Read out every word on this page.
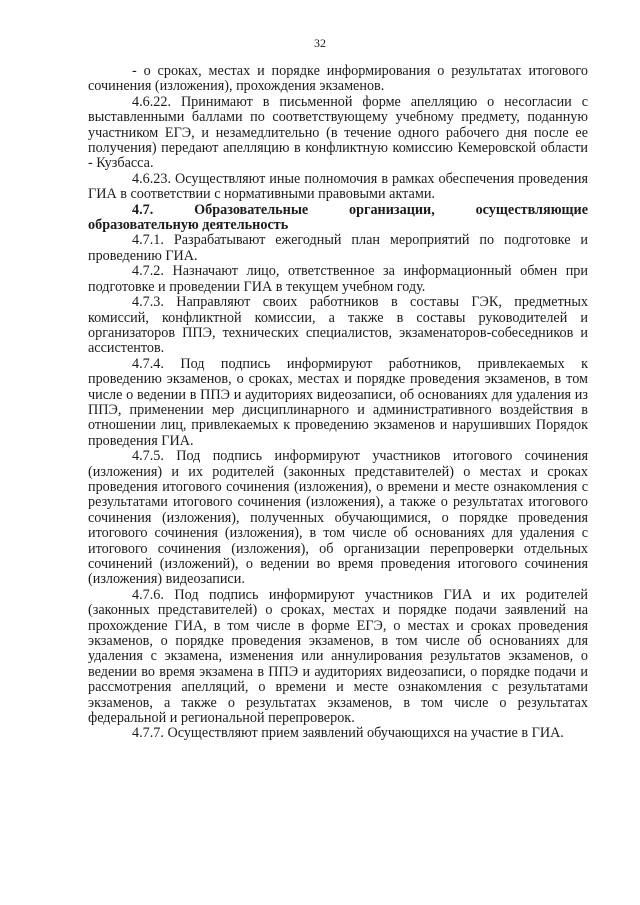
32

- о сроках, местах и порядке информирования о результатах итогового сочинения (изложения), прохождения экзаменов.

4.6.22. Принимают в письменной форме апелляцию о несогласии с выставленными баллами по соответствующему учебному предмету, поданную участником ЕГЭ, и незамедлительно (в течение одного рабочего дня после ее получения) передают апелляцию в конфликтную комиссию Кемеровской области - Кузбасса.

4.6.23. Осуществляют иные полномочия в рамках обеспечения проведения ГИА в соответствии с нормативными правовыми актами.

4.7. Образовательные организации, осуществляющие

образовательную деятельность

4.7.1. Разрабатывают ежегодный план мероприятий по подготовке и проведению ГИА.

4.7.2. Назначают лицо, ответственное за информационный обмен при подготовке и проведении ГИА в текущем учебном году.

4.7.3. Направляют своих работников в составы ГЭК, предметных комиссий, конфликтной комиссии, а также в составы руководителей и организаторов ППЭ, технических специалистов, экзаменаторов-собеседников и ассистентов.

4.7.4. Под подпись информируют работников, привлекаемых к проведению экзаменов, о сроках, местах и порядке проведения экзаменов, в том числе о ведении в ППЭ и аудиториях видеозаписи, об основаниях для удаления из ППЭ, применении мер дисциплинарного и административного воздействия в отношении лиц, привлекаемых к проведению экзаменов и нарушивших Порядок проведения ГИА.

4.7.5. Под подпись информируют участников итогового сочинения (изложения) и их родителей (законных представителей) о местах и сроках проведения итогового сочинения (изложения), о времени и месте ознакомления с результатами итогового сочинения (изложения), а также о результатах итогового сочинения (изложения), полученных обучающимися, о порядке проведения итогового сочинения (изложения), в том числе об основаниях для удаления с итогового сочинения (изложения), об организации перепроверки отдельных сочинений (изложений), о ведении во время проведения итогового сочинения (изложения) видеозаписи.

4.7.6. Под подпись информируют участников ГИА и их родителей (законных представителей) о сроках, местах и порядке подачи заявлений на прохождение ГИА, в том числе в форме ЕГЭ, о местах и сроках проведения экзаменов, о порядке проведения экзаменов, в том числе об основаниях для удаления с экзамена, изменения или аннулирования результатов экзаменов, о ведении во время экзамена в ППЭ и аудиториях видеозаписи, о порядке подачи и рассмотрения апелляций, о времени и месте ознакомления с результатами экзаменов, а также о результатах экзаменов, в том числе о результатах федеральной и региональной перепроверок.

4.7.7. Осуществляют прием заявлений обучающихся на участие в ГИА.
